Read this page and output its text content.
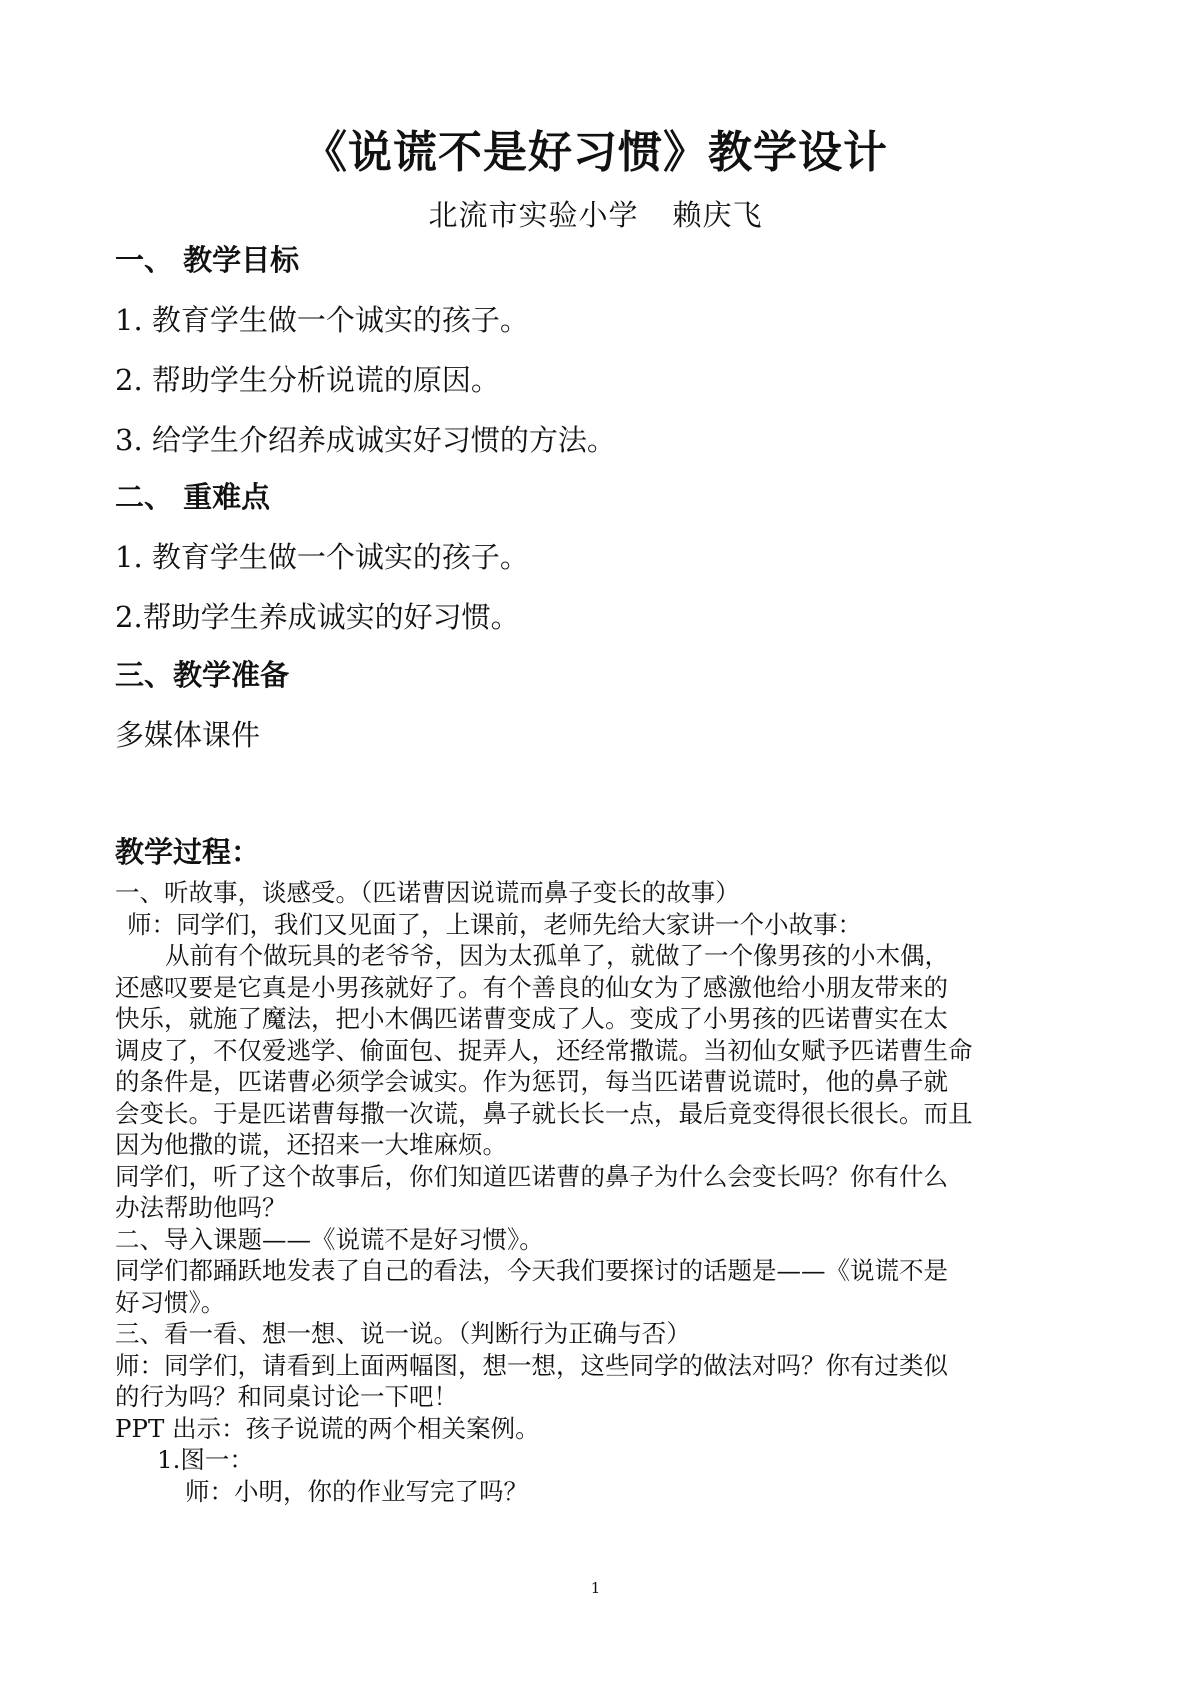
《说谎不是好习惯》教学设计
北流市实验小学 赖庆飞
一、 教学目标
1. 教育学生做一个诚实的孩子。
2. 帮助学生分析说谎的原因。
3. 给学生介绍养成诚实好习惯的方法。
二、 重难点
1. 教育学生做一个诚实的孩子。
2.帮助学生养成诚实的好习惯。
三、教学准备
多媒体课件
教学过程：
一、听故事，谈感受。（匹诺曹因说谎而鼻子变长的故事）
师：同学们，我们又见面了，上课前，老师先给大家讲一个小故事：
从前有个做玩具的老爷爷，因为太孤单了，就做了一个像男孩的小木偶，
还感叹要是它真是小男孩就好了。有个善良的仙女为了感激他给小朋友带来的
快乐，就施了魔法，把小木偶匹诺曹变成了人。变成了小男孩的匹诺曹实在太
调皮了，不仅爱逃学、偷面包、捉弄人，还经常撒谎。当初仙女赋予匹诺曹生命
的条件是，匹诺曹必须学会诚实。作为惩罚，每当匹诺曹说谎时，他的鼻子就
会变长。于是匹诺曹每撒一次谎，鼻子就长长一点，最后竟变得很长很长。而且
因为他撒的谎，还招来一大堆麻烦。
同学们，听了这个故事后，你们知道匹诺曹的鼻子为什么会变长吗？你有什么
办法帮助他吗？
二、导入课题——《说谎不是好习惯》。
同学们都踊跃地发表了自己的看法，今天我们要探讨的话题是——《说谎不是
好习惯》。
三、看一看、想一想、说一说。（判断行为正确与否）
师：同学们，请看到上面两幅图，想一想，这些同学的做法对吗？你有过类似
的行为吗？和同桌讨论一下吧！
PPT 出示：孩子说谎的两个相关案例。
1.图一：
师：小明，你的作业写完了吗？
1
